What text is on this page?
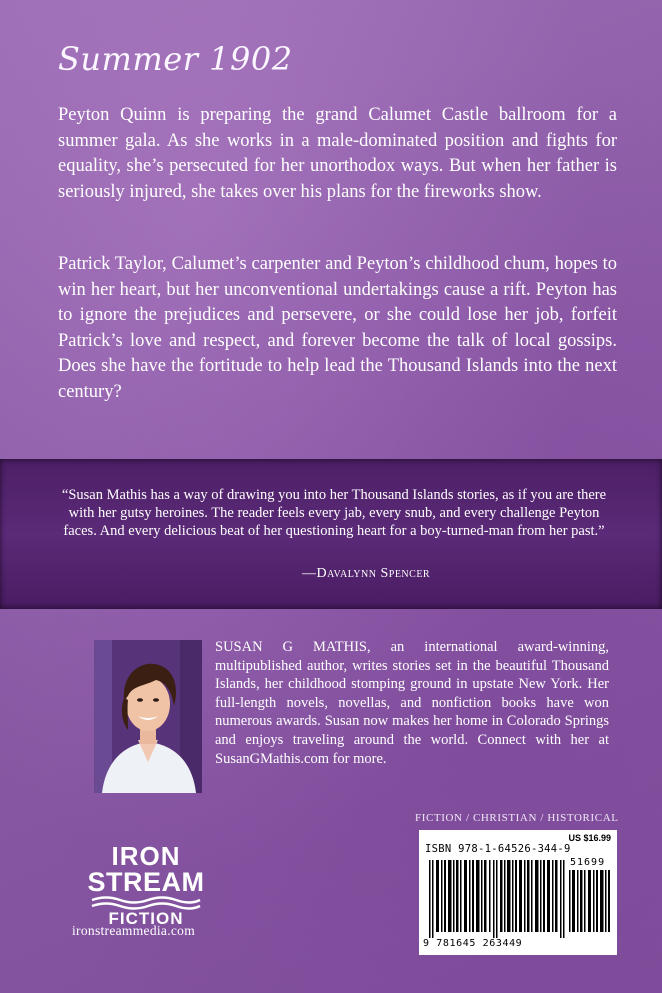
Summer 1902

Peyton Quinn is preparing the grand Calumet Castle ballroom for a summer gala. As she works in a male-dominated position and fights for equality, she’s persecuted for her unorthodox ways. But when her father is seriously injured, she takes over his plans for the fireworks show.

Patrick Taylor, Calumet’s carpenter and Peyton’s childhood chum, hopes to win her heart, but her unconventional undertakings cause a rift. Peyton has to ignore the prejudices and persevere, or she could lose her job, forfeit Patrick’s love and respect, and forever become the talk of local gossips. Does she have the fortitude to help lead the Thousand Islands into the next century?

“Susan Mathis has a way of drawing you into her Thousand Islands stories, as if you are there with her gutsy heroines. The reader feels every jab, every snub, and every challenge Peyton faces. And every delicious beat of her questioning heart for a boy-turned-man from her past.”

—Davalynn Spencer

SUSAN G MATHIS, an international award-winning, multipublished author, writes stories set in the beautiful Thousand Islands, her childhood stomping ground in upstate New York. Her full-length novels, novellas, and nonfiction books have won numerous awards. Susan now makes her home in Colorado Springs and enjoys traveling around the world. Connect with her at SusanGMathis.com for more.

FICTION / CHRISTIAN / HISTORICAL
IRON
STREAM
FICTION
ironstreammedia.com
US $16.99
ISBN 978-1-64526-344-9
51699
9 781645 263449
